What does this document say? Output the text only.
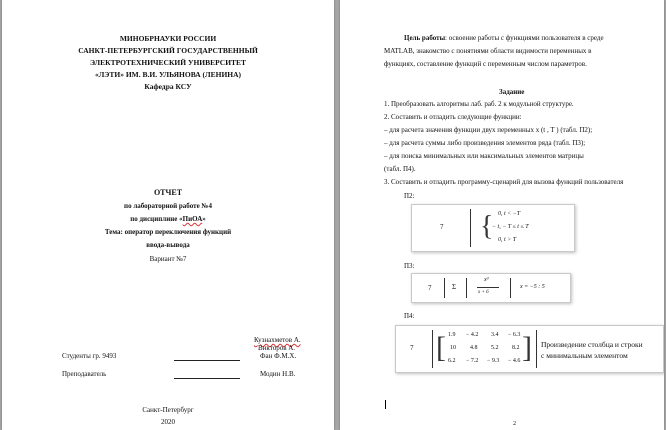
МИНОБРНАУКИ РОССИИ
САНКТ-ПЕТЕРБУРГСКИЙ ГОСУДАРСТВЕННЫЙ
ЭЛЕКТРОТЕХНИЧЕСКИЙ УНИВЕРСИТЕТ
«ЛЭТИ» ИМ. В.И. УЛЬЯНОВА (ЛЕНИНА)
Кафедра КСУ
ОТЧЕТ
по лабораторной работе №4
по дисциплине «ПиОА»
Тема: оператор переключения функций
ввода-вывода
Вариант №7
Кузнахметов А.
Студенты гр. 9493
Викторов А.
Фан Ф.М.Х.
Преподаватель	Модин Н.В.
Санкт-Петербург
2020
Цель работы: освоение работы с функциями пользователя в среде
MATLAB, знакомство с понятиями области видимости переменных в
функциях, составление функций с переменным числом параметров.
Задание
1. Преобразовать алгоритмы лаб. раб. 2 к модульной структуре.
2. Составить и отладить следующие функции:
– для расчета значения функции двух переменных x (t , T ) (табл. П2);
– для расчета суммы либо произведения элементов ряда (табл. П3);
– для поиска минимальных или максимальных элементов матрицы
(табл. П4).
3. Составить и отладить программу-сценарий для вызова функций пользователя
П2:
7 { 0, t < −T
− t, − T ≤ t ≤ T
0, t > T
П3:
7	Σ
x³
x + 6
x = −5 : 5
П4:
7 [ 1.9 − 4.2 3.4 − 6.3
10 4.8 5.2 8.2
6.2 − 7.2 − 9.3 − 4.6 ] Произведение столбца и строки
с минимальным элементом
2
